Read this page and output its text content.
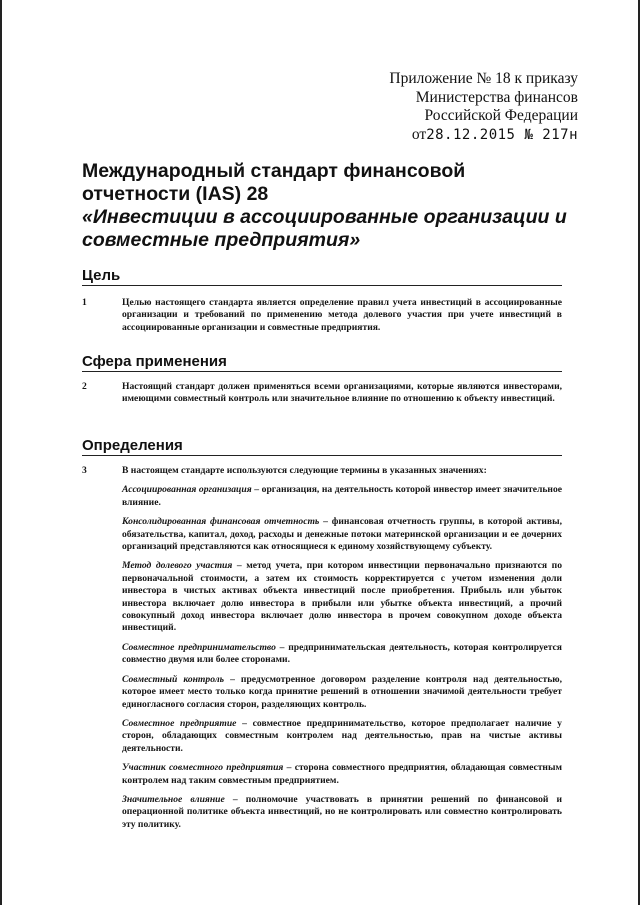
Приложение № 18 к приказу
Министерства финансов
Российской Федерации
от28.12.2015 № 217н
Международный стандарт финансовой
отчетности (IAS) 28
«Инвестиции в ассоциированные организации и
совместные предприятия»
Цель
1	Целью настоящего стандарта является определение правил учета инвестиций в ассоциированные организации и требований по применению метода долевого участия при учете инвестиций в ассоциированные организации и совместные предприятия.

Сфера применения
2	Настоящий стандарт должен применяться всеми организациями, которые являются инвесторами, имеющими совместный контроль или значительное влияние по отношению к объекту инвестиций.

Определения
3	В настоящем стандарте используются следующие термины в указанных значениях:

Ассоциированная организация – организация, на деятельность которой инвестор имеет значительное влияние.

Консолидированная финансовая отчетность – финансовая отчетность группы, в которой активы, обязательства, капитал, доход, расходы и денежные потоки материнской организации и ее дочерних организаций представляются как относящиеся к единому хозяйствующему субъекту.

Метод долевого участия – метод учета, при котором инвестиции первоначально признаются по первоначальной стоимости, а затем их стоимость корректируется с учетом изменения доли инвестора в чистых активах объекта инвестиций после приобретения. Прибыль или убыток инвестора включает долю инвестора в прибыли или убытке объекта инвестиций, а прочий совокупный доход инвестора включает долю инвестора в прочем совокупном доходе объекта инвестиций.

Совместное предпринимательство – предпринимательская деятельность, которая контролируется совместно двумя или более сторонами.

Совместный контроль – предусмотренное договором разделение контроля над деятельностью, которое имеет место только когда принятие решений в отношении значимой деятельности требует единогласного согласия сторон, разделяющих контроль.

Совместное предприятие – совместное предпринимательство, которое предполагает наличие у сторон, обладающих совместным контролем над деятельностью, прав на чистые активы деятельности.

Участник совместного предприятия – сторона совместного предприятия, обладающая совместным контролем над таким совместным предприятием.

Значительное влияние – полномочие участвовать в принятии решений по финансовой и операционной политике объекта инвестиций, но не контролировать или совместно контролировать эту политику.
